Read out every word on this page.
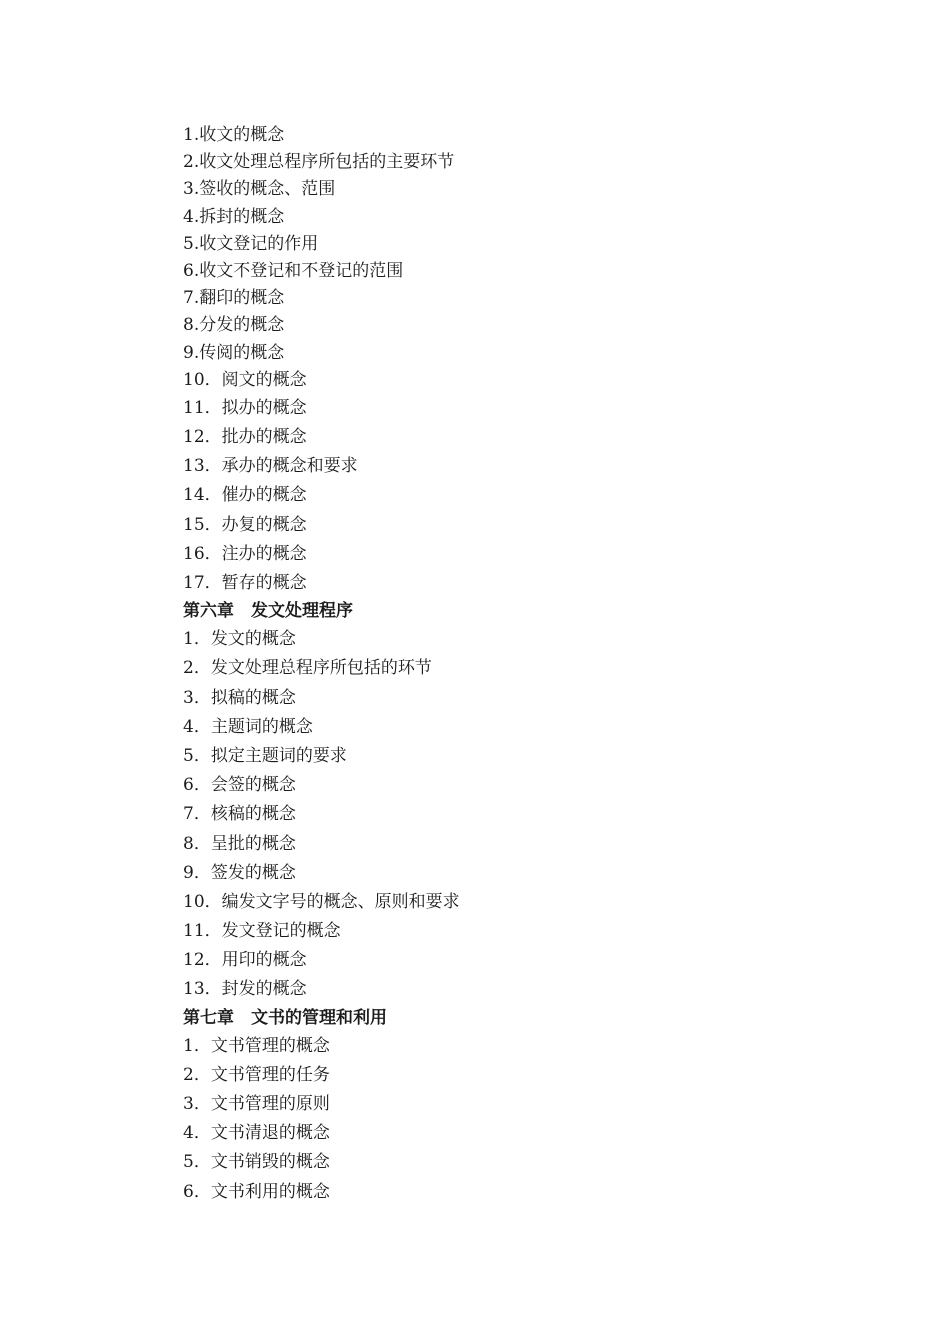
1.收文的概念
2.收文处理总程序所包括的主要环节
3.签收的概念、范围
4.拆封的概念
5.收文登记的作用
6.收文不登记和不登记的范围
7.翻印的概念
8.分发的概念
9.传阅的概念
10．阅文的概念
11．拟办的概念
12．批办的概念
13．承办的概念和要求
14．催办的概念
15．办复的概念
16．注办的概念
17．暂存的概念
第六章　发文处理程序
1．发文的概念
2．发文处理总程序所包括的环节
3．拟稿的概念
4．主题词的概念
5．拟定主题词的要求
6．会签的概念
7．核稿的概念
8．呈批的概念
9．签发的概念
10．编发文字号的概念、原则和要求
11．发文登记的概念
12．用印的概念
13．封发的概念
第七章　文书的管理和利用
1．文书管理的概念
2．文书管理的任务
3．文书管理的原则
4．文书清退的概念
5．文书销毁的概念
6．文书利用的概念
